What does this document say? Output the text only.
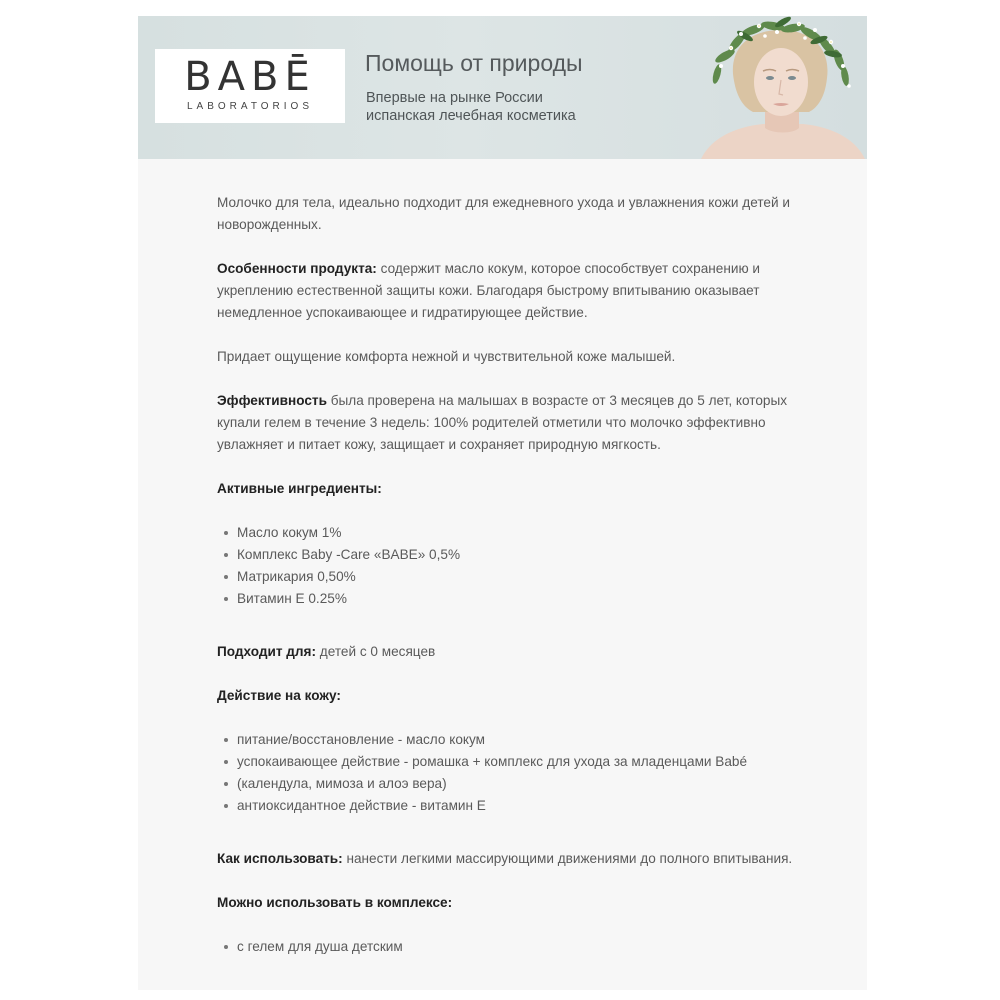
BABĒ
LABORATORIOS
Помощь от природы
Впервые на рынке России
испанская лечебная косметика

Молочко для тела, идеально подходит для ежедневного ухода и увлажнения кожи детей и новорожденных.

Особенности продукта: содержит масло кокум, которое способствует сохранению и укреплению естественной защиты кожи. Благодаря быстрому впитыванию оказывает немедленное успокаивающее и гидратирующее действие.

Придает ощущение комфорта нежной и чувствительной коже малышей.

Эффективность была проверена на малышах в возрасте от 3 месяцев до 5 лет, которых купали гелем в течение 3 недель: 100% родителей отметили что молочко эффективно увлажняет и питает кожу, защищает и сохраняет природную мягкость.

Активные ингредиенты:

Масло кокум 1%
Комплекс Baby -Care «BABE» 0,5%
Матрикария 0,50%
Витамин Е 0.25%

Подходит для: детей с 0 месяцев

Действие на кожу:

питание/восстановление - масло кокум
успокаивающее действие - ромашка + комплекс для ухода за младенцами Babé
(календула, мимоза и алоэ вера)
антиоксидантное действие - витамин Е

Как использовать: нанести легкими массирующими движениями до полного впитывания.

Можно использовать в комплексе:

с гелем для душа детским
